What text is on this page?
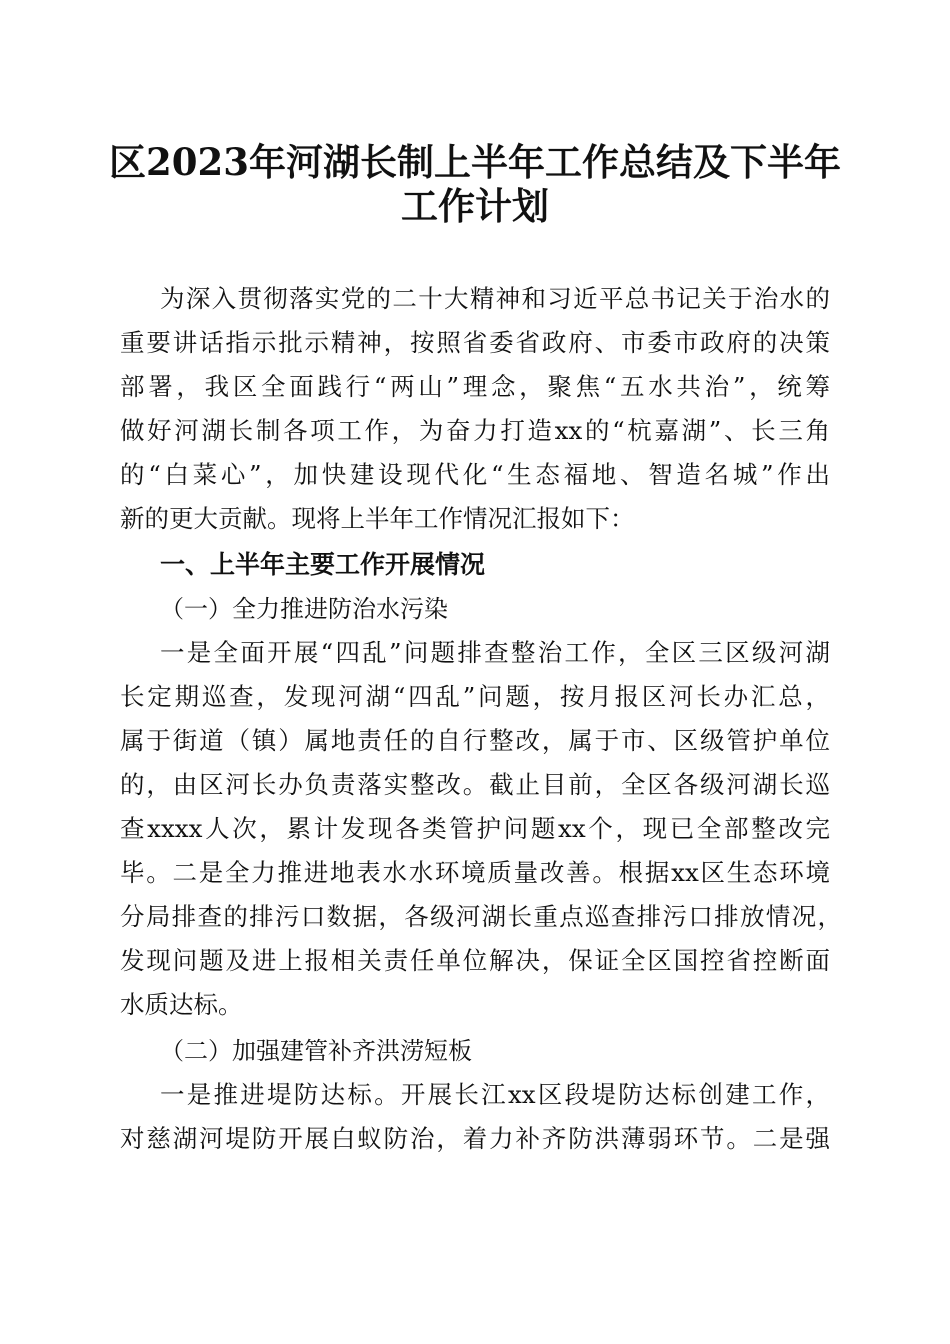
区2023年河湖长制上半年工作总结及下半年
工作计划
为深入贯彻落实党的二十大精神和习近平总书记关于治水的
重要讲话指示批示精神，按照省委省政府、市委市政府的决策
部署，我区全面践行“两山”理念，聚焦“五水共治”，统筹
做好河湖长制各项工作，为奋力打造xx的“杭嘉湖”、长三角
的“白菜心”，加快建设现代化“生态福地、智造名城”作出
新的更大贡献。现将上半年工作情况汇报如下：
一、上半年主要工作开展情况
（一）全力推进防治水污染
一是全面开展“四乱”问题排查整治工作，全区三区级河湖
长定期巡查，发现河湖“四乱”问题，按月报区河长办汇总，
属于街道（镇）属地责任的自行整改，属于市、区级管护单位
的，由区河长办负责落实整改。截止目前，全区各级河湖长巡
查xxxx人次，累计发现各类管护问题xx个，现已全部整改完
毕。二是全力推进地表水水环境质量改善。根据xx区生态环境
分局排查的排污口数据，各级河湖长重点巡查排污口排放情况，
发现问题及进上报相关责任单位解决，保证全区国控省控断面
水质达标。
（二）加强建管补齐洪涝短板
一是推进堤防达标。开展长江xx区段堤防达标创建工作，
对慈湖河堤防开展白蚁防治，着力补齐防洪薄弱环节。二是强
